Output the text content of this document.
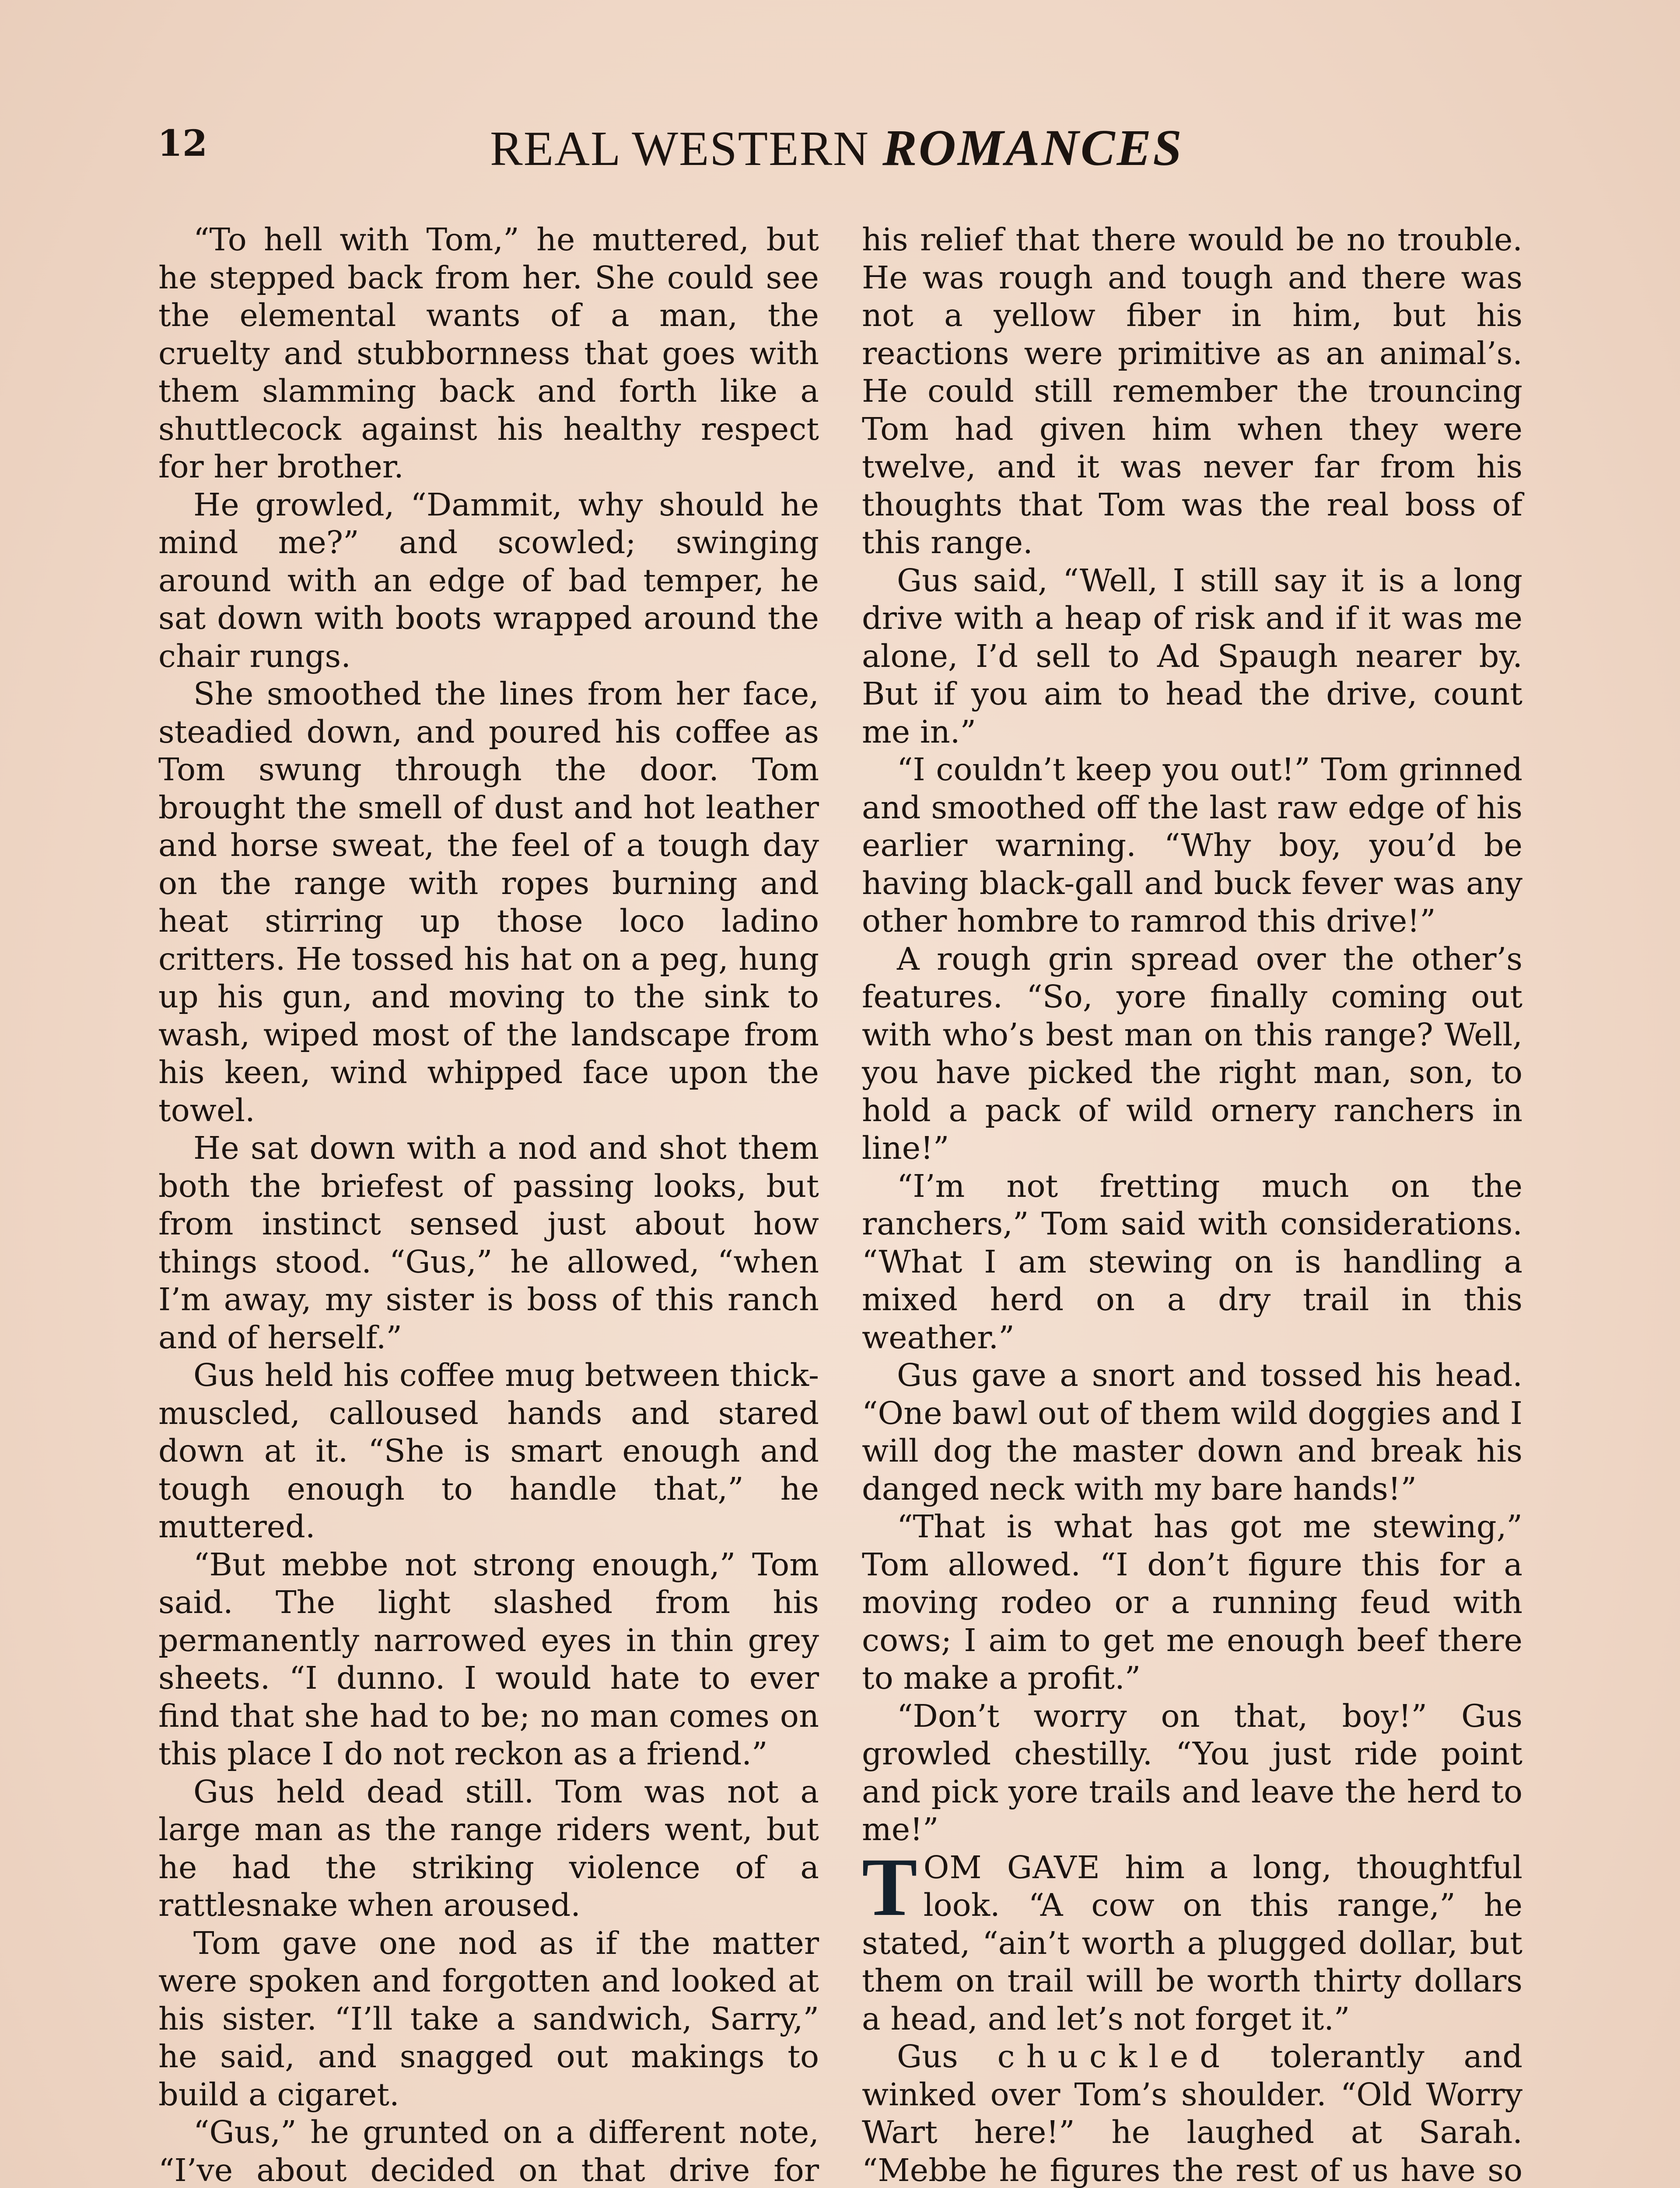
12	REAL WESTERN ROMANCES

“To hell with Tom,” he muttered, but he stepped back from her. She could see the elemental wants of a man, the cruelty and stubbornness that goes with them slamming back and forth like a shuttlecock against his healthy respect for her brother.

He growled, “Dammit, why should he mind me?” and scowled; swinging around with an edge of bad temper, he sat down with boots wrapped around the chair rungs.

She smoothed the lines from her face, steadied down, and poured his coffee as Tom swung through the door. Tom brought the smell of dust and hot leather and horse sweat, the feel of a tough day on the range with ropes burning and heat stirring up those loco ladino critters. He tossed his hat on a peg, hung up his gun, and moving to the sink to wash, wiped most of the landscape from his keen, wind whipped face upon the towel.

He sat down with a nod and shot them both the briefest of passing looks, but from instinct sensed just about how things stood. “Gus,” he allowed, “when I’m away, my sister is boss of this ranch and of herself.”

Gus held his coffee mug between thick-muscled, calloused hands and stared down at it. “She is smart enough and tough enough to handle that,” he muttered.

“But mebbe not strong enough,” Tom said. The light slashed from his permanently narrowed eyes in thin grey sheets. “I dunno. I would hate to ever find that she had to be; no man comes on this place I do not reckon as a friend.”

Gus held dead still. Tom was not a large man as the range riders went, but he had the striking violence of a rattlesnake when aroused.

Tom gave one nod as if the matter were spoken and forgotten and looked at his sister. “I’ll take a sandwich, Sarry,” he said, and snagged out makings to build a cigaret.

“Gus,” he grunted on a different note, “I’ve about decided on that drive for

his relief that there would be no trouble. He was rough and tough and there was not a yellow fiber in him, but his reactions were primitive as an animal’s. He could still remember the trouncing Tom had given him when they were twelve, and it was never far from his thoughts that Tom was the real boss of this range.

Gus said, “Well, I still say it is a long drive with a heap of risk and if it was me alone, I’d sell to Ad Spaugh nearer by. But if you aim to head the drive, count me in.”

“I couldn’t keep you out!” Tom grinned and smoothed off the last raw edge of his earlier warning. “Why boy, you’d be having black-gall and buck fever was any other hombre to ramrod this drive!”

A rough grin spread over the other’s features. “So, yore finally coming out with who’s best man on this range? Well, you have picked the right man, son, to hold a pack of wild ornery ranchers in line!”

“I’m not fretting much on the ranchers,” Tom said with considerations. “What I am stewing on is handling a mixed herd on a dry trail in this weather.”

Gus gave a snort and tossed his head. “One bawl out of them wild doggies and I will dog the master down and break his danged neck with my bare hands!”

“That is what has got me stewing,” Tom allowed. “I don’t figure this for a moving rodeo or a running feud with cows; I aim to get me enough beef there to make a profit.”

“Don’t worry on that, boy!” Gus growled chestilly. “You just ride point and pick yore trails and leave the herd to me!”

TOM GAVE him a long, thoughtful look. “A cow on this range,” he stated, “ain’t worth a plugged dollar, but them on trail will be worth thirty dollars a head, and let’s not forget it.”

Gus chuckled tolerantly and winked over Tom’s shoulder. “Old Worry Wart here!” he laughed at Sarah. “Mebbe he figures the rest of us have so
